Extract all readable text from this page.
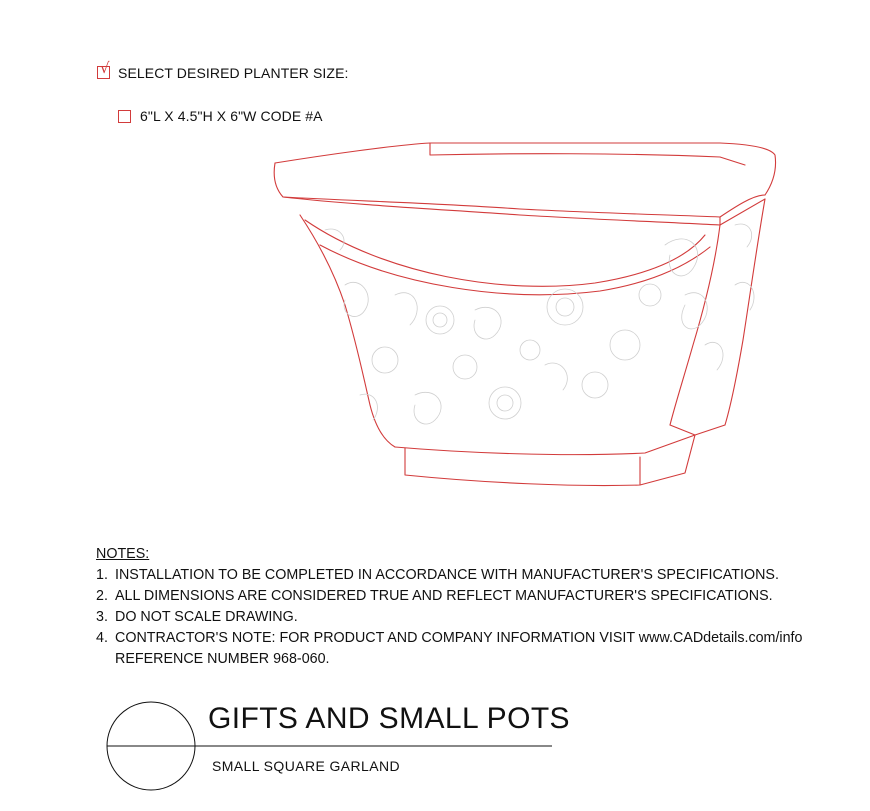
√ SELECT DESIRED PLANTER SIZE:
6"L X 4.5"H X 6"W CODE #A
NOTES:
1. INSTALLATION TO BE COMPLETED IN ACCORDANCE WITH MANUFACTURER'S SPECIFICATIONS.
2. ALL DIMENSIONS ARE CONSIDERED TRUE AND REFLECT MANUFACTURER'S SPECIFICATIONS.
3. DO NOT SCALE DRAWING.
4. CONTRACTOR'S NOTE: FOR PRODUCT AND COMPANY INFORMATION VISIT www.CADdetails.com/info
REFERENCE NUMBER 968-060.
GIFTS AND SMALL POTS
SMALL SQUARE GARLAND
